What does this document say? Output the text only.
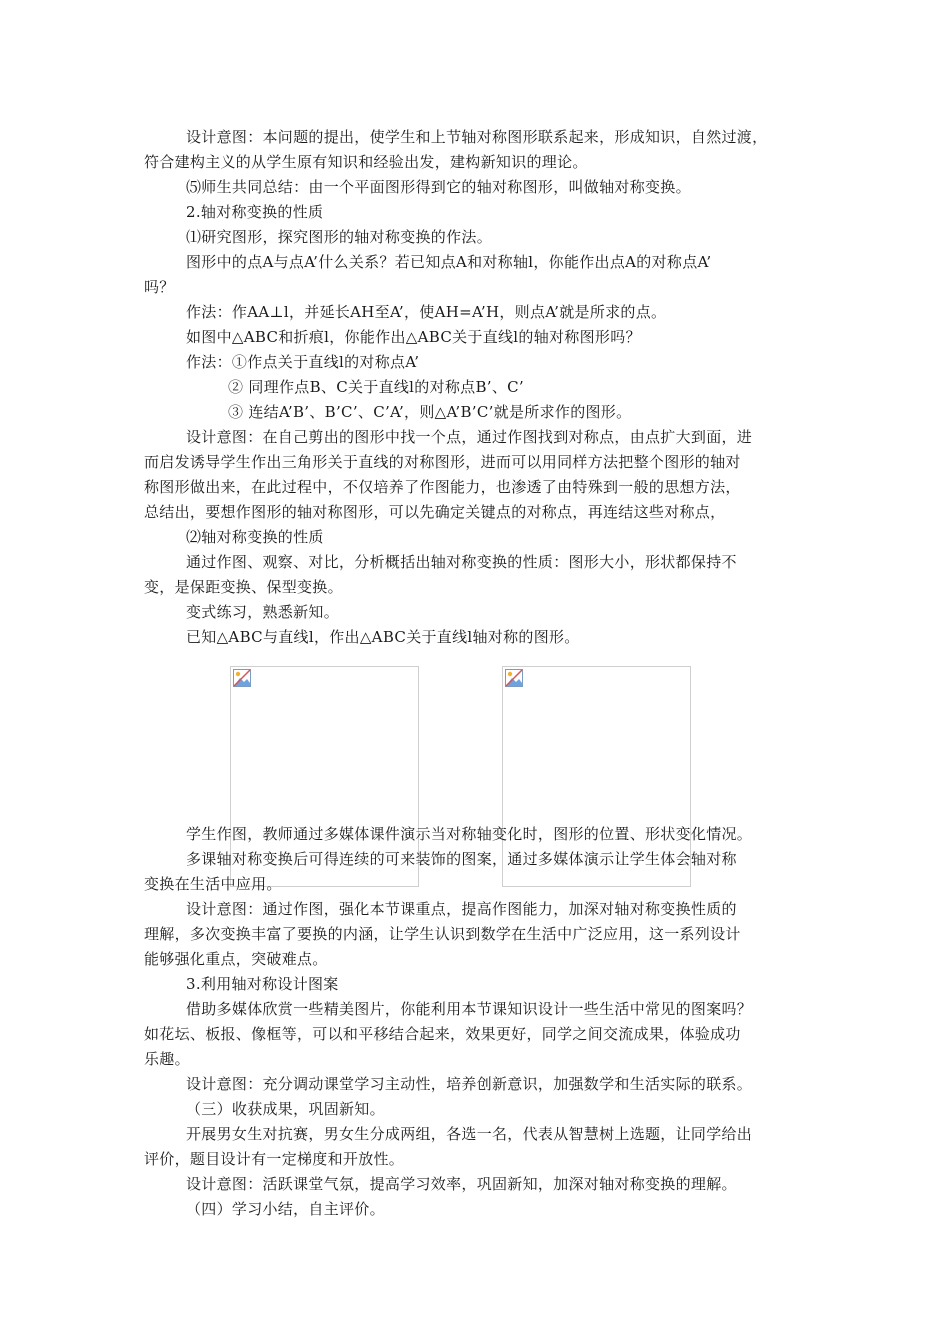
设计意图：本问题的提出，使学生和上节轴对称图形联系起来，形成知识，自然过渡，
符合建构主义的从学生原有知识和经验出发，建构新知识的理论。
⑸师生共同总结：由一个平面图形得到它的轴对称图形，叫做轴对称变换。
2.轴对称变换的性质
⑴研究图形，探究图形的轴对称变换的作法。
图形中的点A与点A’什么关系？若已知点A和对称轴l，你能作出点A的对称点A’
吗？
作法：作AA⊥l，并延长AH至A’，使AH=A’H，则点A’就是所求的点。
如图中△ABC和折痕l，你能作出△ABC关于直线l的轴对称图形吗？
作法：①作点关于直线l的对称点A’
② 同理作点B、C关于直线l的对称点B’、C’
③ 连结A’B’、B’C’、C’A’，则△A’B’C’就是所求作的图形。
设计意图：在自己剪出的图形中找一个点，通过作图找到对称点，由点扩大到面，进
而启发诱导学生作出三角形关于直线的对称图形，进而可以用同样方法把整个图形的轴对
称图形做出来，在此过程中，不仅培养了作图能力，也渗透了由特殊到一般的思想方法，
总结出，要想作图形的轴对称图形，可以先确定关键点的对称点，再连结这些对称点，
⑵轴对称变换的性质
通过作图、观察、对比，分析概括出轴对称变换的性质：图形大小，形状都保持不
变，是保距变换、保型变换。
变式练习，熟悉新知。
已知△ABC与直线l，作出△ABC关于直线l轴对称的图形。
学生作图，教师通过多媒体课件演示当对称轴变化时，图形的位置、形状变化情况。
多课轴对称变换后可得连续的可来装饰的图案，通过多媒体演示让学生体会轴对称
变换在生活中应用。
设计意图：通过作图，强化本节课重点，提高作图能力，加深对轴对称变换性质的
理解，多次变换丰富了要换的内涵，让学生认识到数学在生活中广泛应用，这一系列设计
能够强化重点，突破难点。
3.利用轴对称设计图案
借助多媒体欣赏一些精美图片，你能利用本节课知识设计一些生活中常见的图案吗？
如花坛、板报、像框等，可以和平移结合起来，效果更好，同学之间交流成果，体验成功
乐趣。
设计意图：充分调动课堂学习主动性，培养创新意识，加强数学和生活实际的联系。
（三）收获成果，巩固新知。
开展男女生对抗赛，男女生分成两组，各选一名，代表从智慧树上选题，让同学给出
评价，题目设计有一定梯度和开放性。
设计意图：活跃课堂气氛，提高学习效率，巩固新知，加深对轴对称变换的理解。
（四）学习小结，自主评价。
